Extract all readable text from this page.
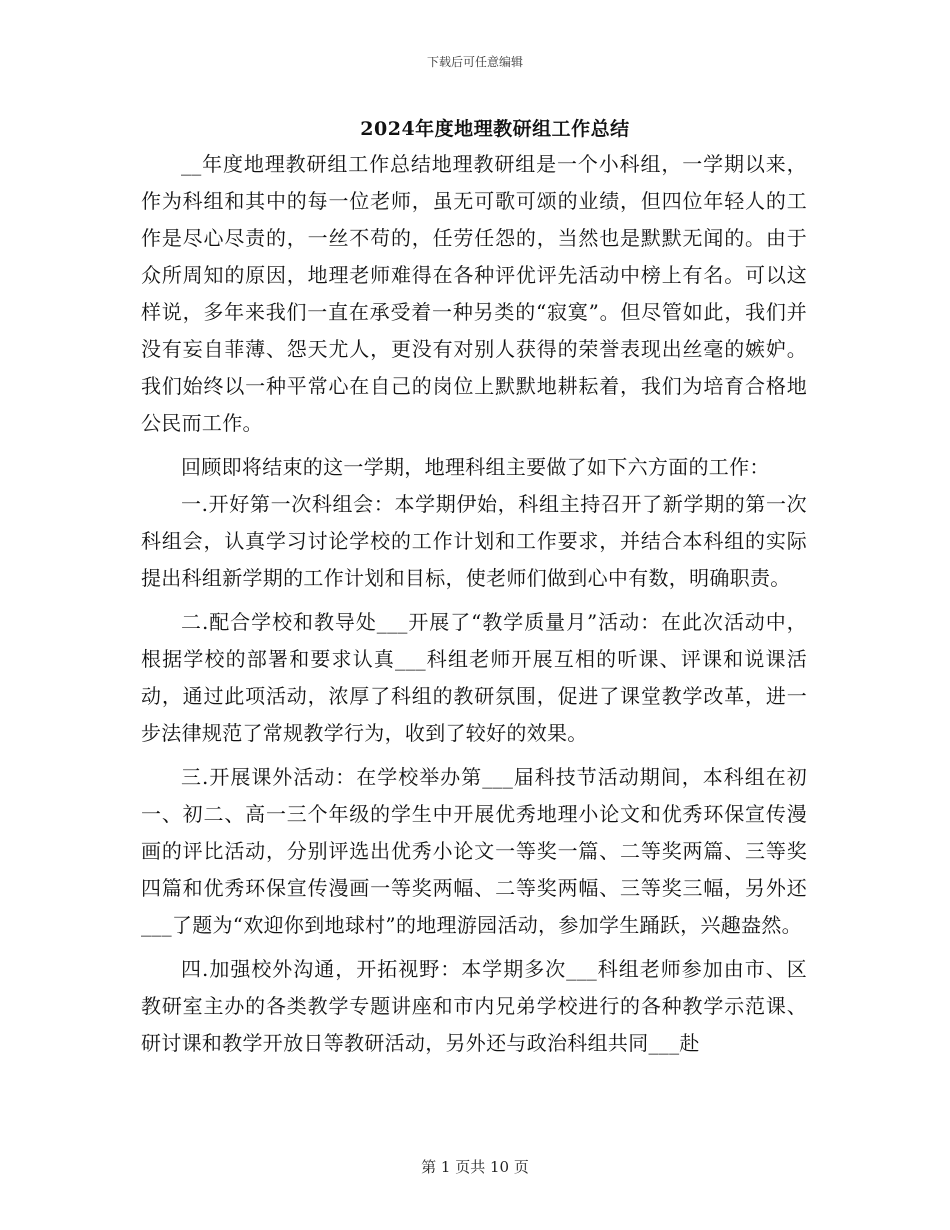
下载后可任意编辑
2024年度地理教研组工作总结

__年度地理教研组工作总结地理教研组是一个小科组，一学期以来，作为科组和其中的每一位老师，虽无可歌可颂的业绩，但四位年轻人的工作是尽心尽责的，一丝不苟的，任劳任怨的，当然也是默默无闻的。由于众所周知的原因，地理老师难得在各种评优评先活动中榜上有名。可以这样说，多年来我们一直在承受着一种另类的“寂寞”。但尽管如此，我们并没有妄自菲薄、怨天尤人，更没有对别人获得的荣誉表现出丝毫的嫉妒。我们始终以一种平常心在自己的岗位上默默地耕耘着，我们为培育合格地公民而工作。

回顾即将结束的这一学期，地理科组主要做了如下六方面的工作：

一.开好第一次科组会：本学期伊始，科组主持召开了新学期的第一次科组会，认真学习讨论学校的工作计划和工作要求，并结合本科组的实际提出科组新学期的工作计划和目标，使老师们做到心中有数，明确职责。

二.配合学校和教导处___开展了“教学质量月”活动：在此次活动中，根据学校的部署和要求认真___科组老师开展互相的听课、评课和说课活动，通过此项活动，浓厚了科组的教研氛围，促进了课堂教学改革，进一步法律规范了常规教学行为，收到了较好的效果。

三.开展课外活动：在学校举办第___届科技节活动期间，本科组在初一、初二、高一三个年级的学生中开展优秀地理小论文和优秀环保宣传漫画的评比活动，分别评选出优秀小论文一等奖一篇、二等奖两篇、三等奖四篇和优秀环保宣传漫画一等奖两幅、二等奖两幅、三等奖三幅，另外还___了题为“欢迎你到地球村”的地理游园活动，参加学生踊跃，兴趣盎然。

四.加强校外沟通，开拓视野：本学期多次___科组老师参加由市、区教研室主办的各类教学专题讲座和市内兄弟学校进行的各种教学示范课、研讨课和教学开放日等教研活动，另外还与政治科组共同___赴

第 1 页共 10 页
